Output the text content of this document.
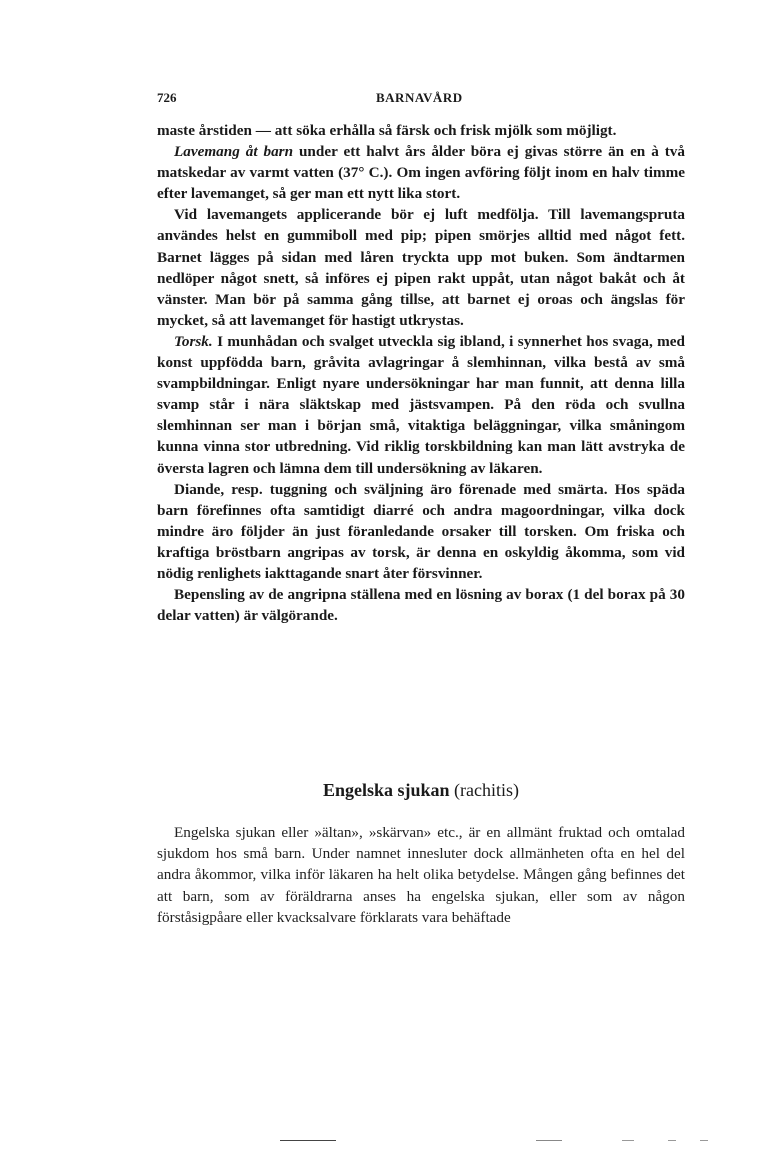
726	BARNAVÅRD

maste årstiden — att söka erhålla så färsk och frisk mjölk som möjligt.

Lavemang åt barn under ett halvt års ålder böra ej givas större än en à två matskedar av varmt vatten (37° C.). Om ingen avföring följt inom en halv timme efter lavemanget, så ger man ett nytt lika stort.

Vid lavemangets applicerande bör ej luft medfölja. Till lavemangspruta användes helst en gummiboll med pip; pipen smörjes alltid med något fett. Barnet lägges på sidan med låren tryckta upp mot buken. Som ändtarmen nedlöper något snett, så införes ej pipen rakt uppåt, utan något bakåt och åt vänster. Man bör på samma gång tillse, att barnet ej oroas och ängslas för mycket, så att lavemanget för hastigt utkrystas.

Torsk. I munhådan och svalget utveckla sig ibland, i synnerhet hos svaga, med konst uppfödda barn, gråvita avlagringar å slemhinnan, vilka bestå av små svampbildningar. Enligt nyare undersökningar har man funnit, att denna lilla svamp står i nära släktskap med jästsvampen. På den röda och svullna slemhinnan ser man i början små, vitaktiga beläggningar, vilka småningom kunna vinna stor utbredning. Vid riklig torskbildning kan man lätt avstryka de översta lagren och lämna dem till undersökning av läkaren.

Diande, resp. tuggning och sväljning äro förenade med smärta. Hos späda barn förefinnes ofta samtidigt diarré och andra magoordningar, vilka dock mindre äro följder än just föranledande orsaker till torsken. Om friska och kraftiga bröstbarn angripas av torsk, är denna en oskyldig åkomma, som vid nödig renlighets iakttagande snart åter försvinner.

Bepensling av de angripna ställena med en lösning av borax (1 del borax på 30 delar vatten) är välgörande.

Engelska sjukan (rachitis)

Engelska sjukan eller »ältan», »skärvan» etc., är en allmänt fruktad och omtalad sjukdom hos små barn. Under namnet innesluter dock allmänheten ofta en hel del andra åkommor, vilka inför läkaren ha helt olika betydelse. Mången gång befinnes det att barn, som av föräldrarna anses ha engelska sjukan, eller som av någon förståsigpåare eller kvacksalvare förklarats vara behäftade
